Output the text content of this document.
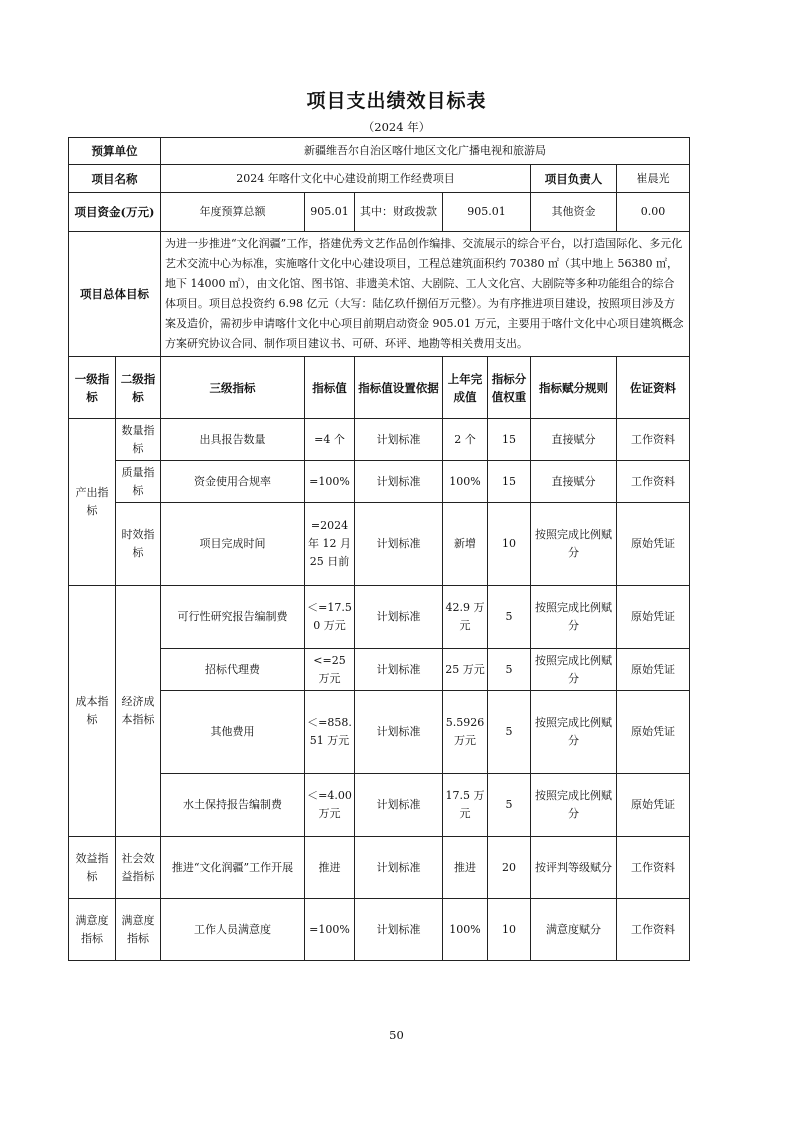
项目支出绩效目标表
（2024 年）
预算单位		新疆维吾尔自治区喀什地区文化广播电视和旅游局						
项目名称		2024 年喀什文化中心建设前期工作经费项目					项目负责人	崔晨光
项目资金(万元)		年度预算总额	905.01	其中：财政拨款	905.01		其他资金	0.00
项目总体目标		为进一步推进“文化润疆”工作，搭建优秀文艺作品创作编排、交流展示的综合平台，以打造国际化、多元化艺术交流中心为标准，实施喀什文化中心建设项目，工程总建筑面积约 70380 ㎡（其中地上 56380 ㎡，地下 14000 ㎡），由文化馆、图书馆、非遗美术馆、大剧院、工人文化宫、大剧院等多种功能组合的综合体项目。项目总投资约 6.98 亿元（大写：陆亿玖仟捌佰万元整）。为有序推进项目建设，按照项目涉及方案及造价，需初步申请喀什文化中心项目前期启动资金 905.01 万元，主要用于喀什文化中心项目建筑概念方案研究协议合同、制作项目建议书、可研、环评、地勘等相关费用支出。						
一级指标	二级指标	三级指标	指标值	指标值设置依据	上年完成值	指标分值权重	指标赋分规则	佐证资料
产出指标	数量指标	出具报告数量	=4 个	计划标准	2 个	15	直接赋分	工作资料
	质量指标	资金使用合规率	=100%	计划标准	100%	15	直接赋分	工作资料
	时效指标	项目完成时间	=2024 年 12 月 25 日前	计划标准	新增	10	按照完成比例赋分	原始凭证
成本指标	经济成本指标	可行性研究报告编制费	＜=17.50 万元	计划标准	42.9 万元	5	按照完成比例赋分	原始凭证
		招标代理费	<=25 万元	计划标准	25 万元	5	按照完成比例赋分	原始凭证
		其他费用	＜=858.51 万元	计划标准	5.5926 万元	5	按照完成比例赋分	原始凭证
		水土保持报告编制费	＜=4.00 万元	计划标准	17.5 万元	5	按照完成比例赋分	原始凭证
效益指标	社会效益指标	推进“文化润疆”工作开展	推进	计划标准	推进	20	按评判等级赋分	工作资料
满意度指标	满意度指标	工作人员满意度	=100%	计划标准	100%	10	满意度赋分	工作资料
50
